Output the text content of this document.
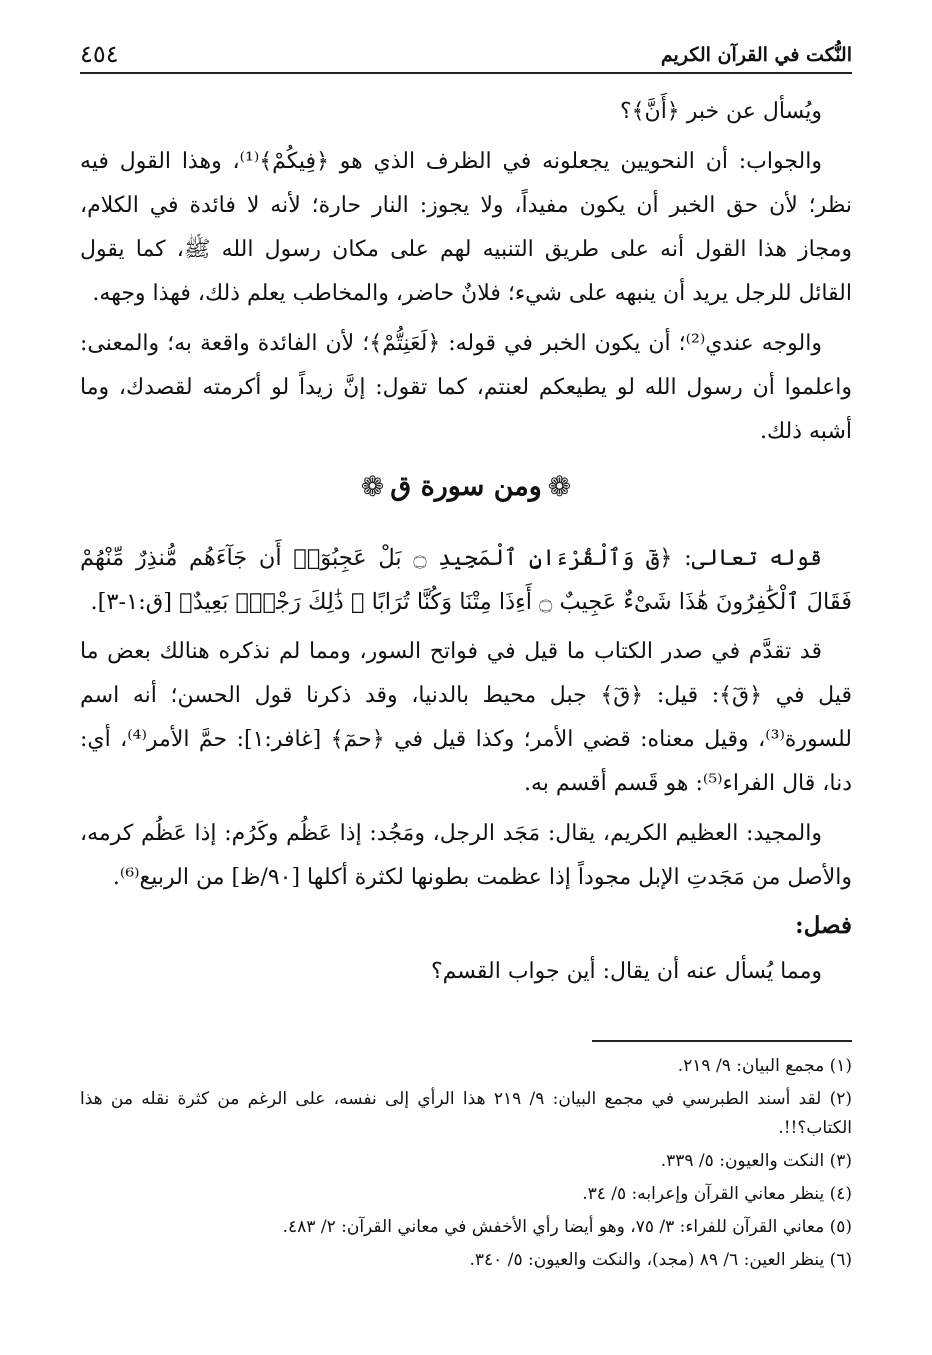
النُّكت في القرآن الكريم
٤٥٤

ويُسأل عن خبر ﴿أَنَّ﴾؟

والجواب: أن النحويين يجعلونه في الظرف الذي هو ﴿فِيكُمْ﴾⁽¹⁾، وهذا القول فيه نظر؛ لأن حق الخبر أن يكون مفيداً، ولا يجوز: النار حارة؛ لأنه لا فائدة في الكلام، ومجاز هذا القول أنه على طريق التنبيه لهم على مكان رسول الله ﷺ، كما يقول القائل للرجل يريد أن ينبهه على شيء؛ فلانٌ حاضر، والمخاطب يعلم ذلك، فهذا وجهه.

والوجه عندي⁽²⁾؛ أن يكون الخبر في قوله: ﴿لَعَنِتُّمْ﴾؛ لأن الفائدة واقعة به؛ والمعنى: واعلموا أن رسول الله لو يطيعكم لعنتم، كما تقول: إنَّ زيداً لو أكرمته لقصدك، وما أشبه ذلك.

❁
ومن سورة ق
❁

قوله تعالى: ﴿قٓ وَٱلْقُرْءَانِ ٱلْمَجِيدِ ۝ بَلْ عَجِبُوٓا۟ أَن جَآءَهُم مُّنذِرٌ مِّنْهُمْ فَقَالَ ٱلْكَٰفِرُونَ هَٰذَا شَىْءٌ عَجِيبٌ ۝ أَءِذَا مِتْنَا وَكُنَّا تُرَابًا ۖ ذَٰلِكَ رَجْعٌۢ بَعِيدٌ﴾ [ق:١-٣].

قد تقدَّم في صدر الكتاب ما قيل في فواتح السور، ومما لم نذكره هنالك بعض ما قيل في ﴿قٓ﴾: قيل: ﴿قٓ﴾ جبل محيط بالدنيا، وقد ذكرنا قول الحسن؛ أنه اسم للسورة⁽³⁾، وقيل معناه: قضي الأمر؛ وكذا قيل في ﴿حمٓ﴾ [غافر:١]: حمَّ الأمر⁽⁴⁾، أي: دنا، قال الفراء⁽⁵⁾: هو قَسم أقسم به.

والمجيد: العظيم الكريم، يقال: مَجَد الرجل، ومَجُد: إذا عَظُم وكَرُم: إذا عَظُم كرمه، والأصل من مَجَدتِ الإبل مجوداً إذا عظمت بطونها لكثرة أكلها [٩٠/ظ] من الربيع⁽⁶⁾.

فصل:

ومما يُسأل عنه أن يقال: أين جواب القسم؟

(١) مجمع البيان: ٩/ ٢١٩.

(٢) لقد أسند الطبرسي في مجمع البيان: ٩/ ٢١٩ هذا الرأي إلى نفسه، على الرغم من كثرة نقله من هذا الكتاب؟!!.

(٣) النكت والعيون: ٥/ ٣٣٩.

(٤) ينظر معاني القرآن وإعرابه: ٥/ ٣٤.

(٥) معاني القرآن للفراء: ٣/ ٧٥، وهو أيضا رأي الأخفش في معاني القرآن: ٢/ ٤٨٣.

(٦) ينظر العين: ٦/ ٨٩ (مجد)، والنكت والعيون: ٥/ ٣٤٠.
